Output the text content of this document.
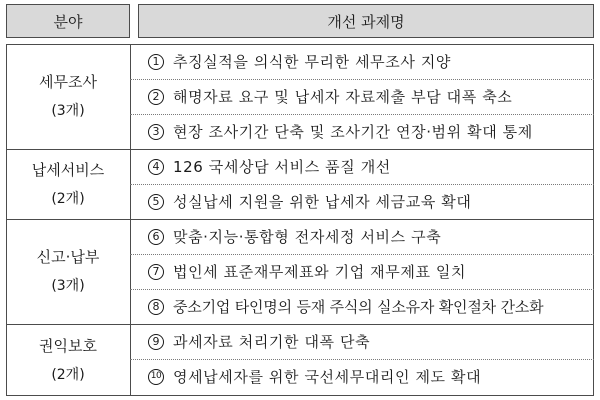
분야	개선 과제명
세무조사
(3개)
납세서비스
(2개)
신고·납부
(3개)
권익보호
(2개)
1 추징실적을 의식한 무리한 세무조사 지양
2 해명자료 요구 및 납세자 자료제출 부담 대폭 축소
3 현장 조사기간 단축 및 조사기간 연장·범위 확대 통제
4 126 국세상담 서비스 품질 개선
5 성실납세 지원을 위한 납세자 세금교육 확대
6 맞춤·지능·통합형 전자세정 서비스 구축
7 법인세 표준재무제표와 기업 재무제표 일치
8 중소기업 타인명의 등재 주식의 실소유자 확인절차 간소화
9 과세자료 처리기한 대폭 단축
10 영세납세자를 위한 국선세무대리인 제도 확대
